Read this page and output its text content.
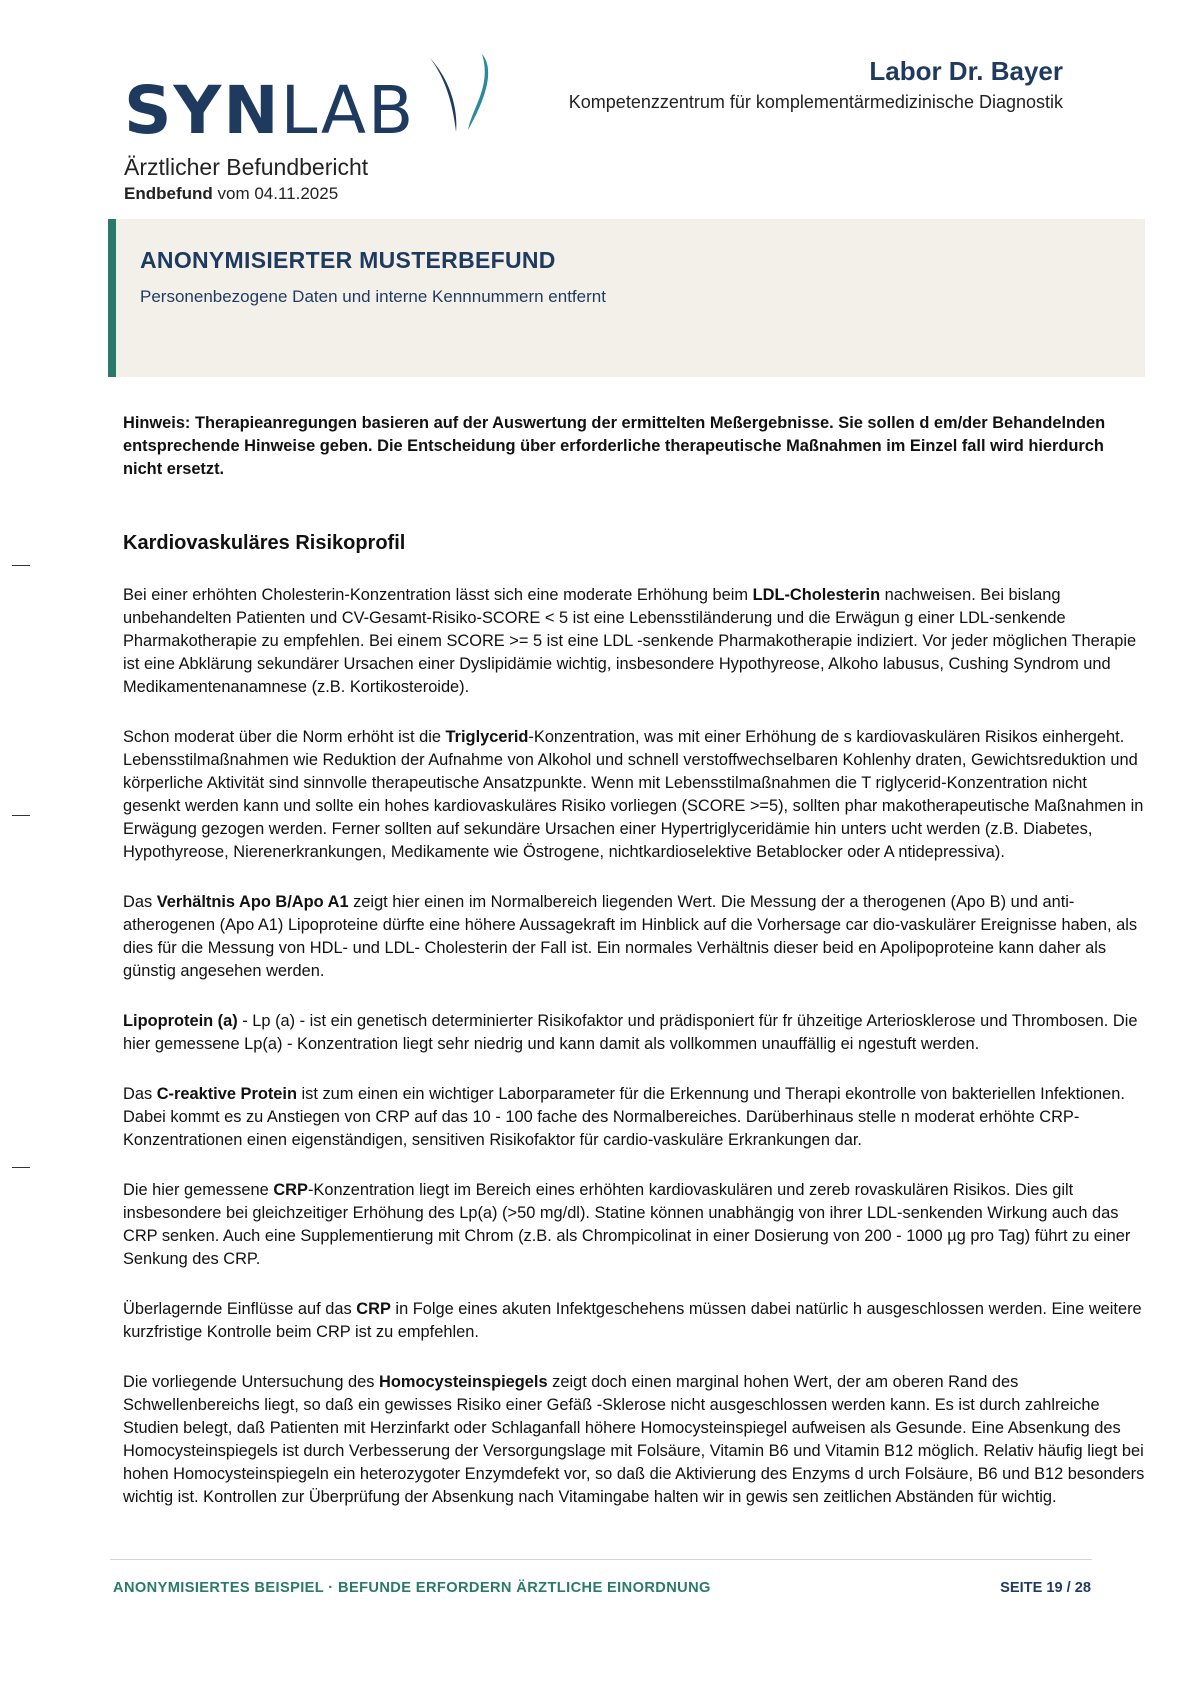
SYNLAB
Labor Dr. Bayer
Kompetenzzentrum für komplementärmedizinische Diagnostik
Ärztlicher Befundbericht
Endbefund vom 04.11.2025
ANONYMISIERTER MUSTERBEFUND
Personenbezogene Daten und interne Kennnummern entfernt
Hinweis: Therapieanregungen basieren auf der Auswertung der ermittelten Meßergebnisse. Sie sollen d em/der Behandelnden entsprechende Hinweise geben. Die Entscheidung über erforderliche therapeutische Maßnahmen im Einzel fall wird hierdurch nicht ersetzt.
Kardiovaskuläres Risikoprofil

Bei einer erhöhten Cholesterin-Konzentration lässt sich eine moderate Erhöhung beim LDL-Cholesterin nachweisen. Bei bislang unbehandelten Patienten und CV-Gesamt-Risiko-SCORE < 5 ist eine Lebensstiländerung und die Erwägun g einer LDL-senkende Pharmakotherapie zu empfehlen. Bei einem SCORE >= 5 ist eine LDL -senkende Pharmakotherapie indiziert. Vor jeder möglichen Therapie ist eine Abklärung sekundärer Ursachen einer Dyslipidämie wichtig, insbesondere Hypothyreose, Alkoho labusus, Cushing Syndrom und Medikamentenanamnese (z.B. Kortikosteroide).

Schon moderat über die Norm erhöht ist die Triglycerid-Konzentration, was mit einer Erhöhung de s kardiovaskulären Risikos einhergeht. Lebensstilmaßnahmen wie Reduktion der Aufnahme von Alkohol und schnell verstoffwechselbaren Kohlenhy draten, Gewichtsreduktion und körperliche Aktivität sind sinnvolle therapeutische Ansatzpunkte. Wenn mit Lebensstilmaßnahmen die T riglycerid-Konzentration nicht gesenkt werden kann und sollte ein hohes kardiovaskuläres Risiko vorliegen (SCORE >=5), sollten phar makotherapeutische Maßnahmen in Erwägung gezogen werden. Ferner sollten auf sekundäre Ursachen einer Hypertriglyceridämie hin unters ucht werden (z.B. Diabetes, Hypothyreose, Nierenerkrankungen, Medikamente wie Östrogene, nichtkardioselektive Betablocker oder A ntidepressiva).

Das Verhältnis Apo B/Apo A1 zeigt hier einen im Normalbereich liegenden Wert. Die Messung der a therogenen (Apo B) und anti-atherogenen (Apo A1) Lipoproteine dürfte eine höhere Aussagekraft im Hinblick auf die Vorhersage car dio-vaskulärer Ereignisse haben, als dies für die Messung von HDL- und LDL- Cholesterin der Fall ist. Ein normales Verhältnis dieser beid en Apolipoproteine kann daher als günstig angesehen werden.

Lipoprotein (a) - Lp (a) - ist ein genetisch determinierter Risikofaktor und prädisponiert für fr ühzeitige Arteriosklerose und Thrombosen. Die hier gemessene Lp(a) - Konzentration liegt sehr niedrig und kann damit als vollkommen unauffällig ei ngestuft werden.

Das C-reaktive Protein ist zum einen ein wichtiger Laborparameter für die Erkennung und Therapi ekontrolle von bakteriellen Infektionen. Dabei kommt es zu Anstiegen von CRP auf das 10 - 100 fache des Normalbereiches. Darüberhinaus stelle n moderat erhöhte CRP-Konzentrationen einen eigenständigen, sensitiven Risikofaktor für cardio-vaskuläre Erkrankungen dar.

Die hier gemessene CRP-Konzentration liegt im Bereich eines erhöhten kardiovaskulären und zereb rovaskulären Risikos. Dies gilt insbesondere bei gleichzeitiger Erhöhung des Lp(a) (>50 mg/dl). Statine können unabhängig von ihrer LDL-senkenden Wirkung auch das CRP senken. Auch eine Supplementierung mit Chrom (z.B. als Chrompicolinat in einer Dosierung von 200 - 1000 µg pro Tag) führt zu einer Senkung des CRP.

Überlagernde Einflüsse auf das CRP in Folge eines akuten Infektgeschehens müssen dabei natürlic h ausgeschlossen werden. Eine weitere kurzfristige Kontrolle beim CRP ist zu empfehlen.

Die vorliegende Untersuchung des Homocysteinspiegels zeigt doch einen marginal hohen Wert, der am oberen Rand des Schwellenbereichs liegt, so daß ein gewisses Risiko einer Gefäß -Sklerose nicht ausgeschlossen werden kann. Es ist durch zahlreiche Studien belegt, daß Patienten mit Herzinfarkt oder Schlaganfall höhere Homocysteinspiegel aufweisen als Gesunde. Eine Absenkung des Homocysteinspiegels ist durch Verbesserung der Versorgungslage mit Folsäure, Vitamin B6 und Vitamin B12 möglich. Relativ häufig liegt bei hohen Homocysteinspiegeln ein heterozygoter Enzymdefekt vor, so daß die Aktivierung des Enzyms d urch Folsäure, B6 und B12 besonders wichtig ist. Kontrollen zur Überprüfung der Absenkung nach Vitamingabe halten wir in gewis sen zeitlichen Abständen für wichtig.

ANONYMISIERTES BEISPIEL · BEFUNDE ERFORDERN ÄRZTLICHE EINORDNUNG	SEITE 19 / 28
